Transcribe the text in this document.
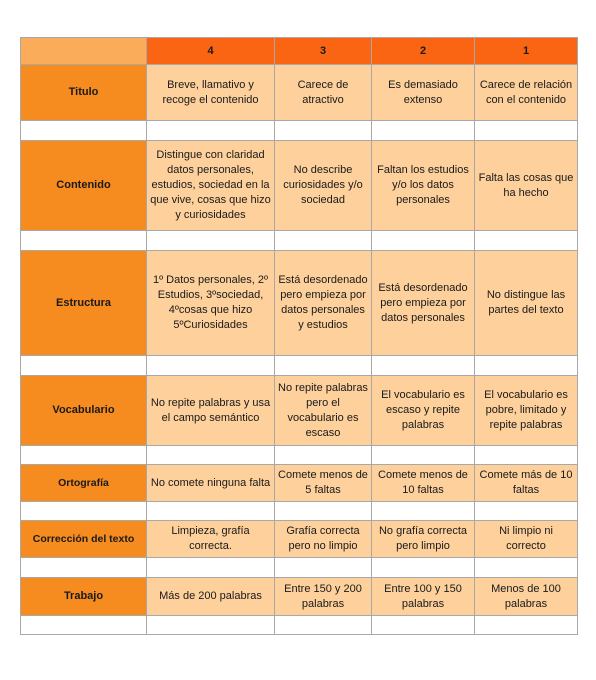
	4	3	2	1
Titulo	Breve, llamativo y recoge el contenido	Carece de atractivo	Es demasiado extenso	Carece de relación con el contenido

Contenido	Distingue con claridad datos personales, estudios, sociedad en la que vive, cosas que hizo y curiosidades	No describe curiosidades y/o sociedad	Faltan los estudios y/o los datos personales	Falta las cosas que ha hecho

Estructura	1º Datos personales, 2º Estudios, 3ºsociedad, 4ºcosas que hizo 5ºCuriosidades	Está desordenado pero empieza por datos personales y estudios	Está desordenado pero empieza por datos personales	No distingue las partes del texto

Vocabulario	No repite palabras y usa el campo semántico	No repite palabras pero el vocabulario es escaso	El vocabulario es escaso y repite palabras	El vocabulario es pobre, limitado y repite palabras

Ortografía	No comete ninguna falta	Comete menos de 5 faltas	Comete menos de 10 faltas	Comete más de 10 faltas

Corrección del texto	Limpieza, grafía correcta.	Grafía correcta pero no limpio	No grafía correcta pero limpio	Ni limpio ni correcto

Trabajo	Más de 200 palabras	Entre 150 y 200 palabras	Entre 100 y 150 palabras	Menos de 100 palabras
